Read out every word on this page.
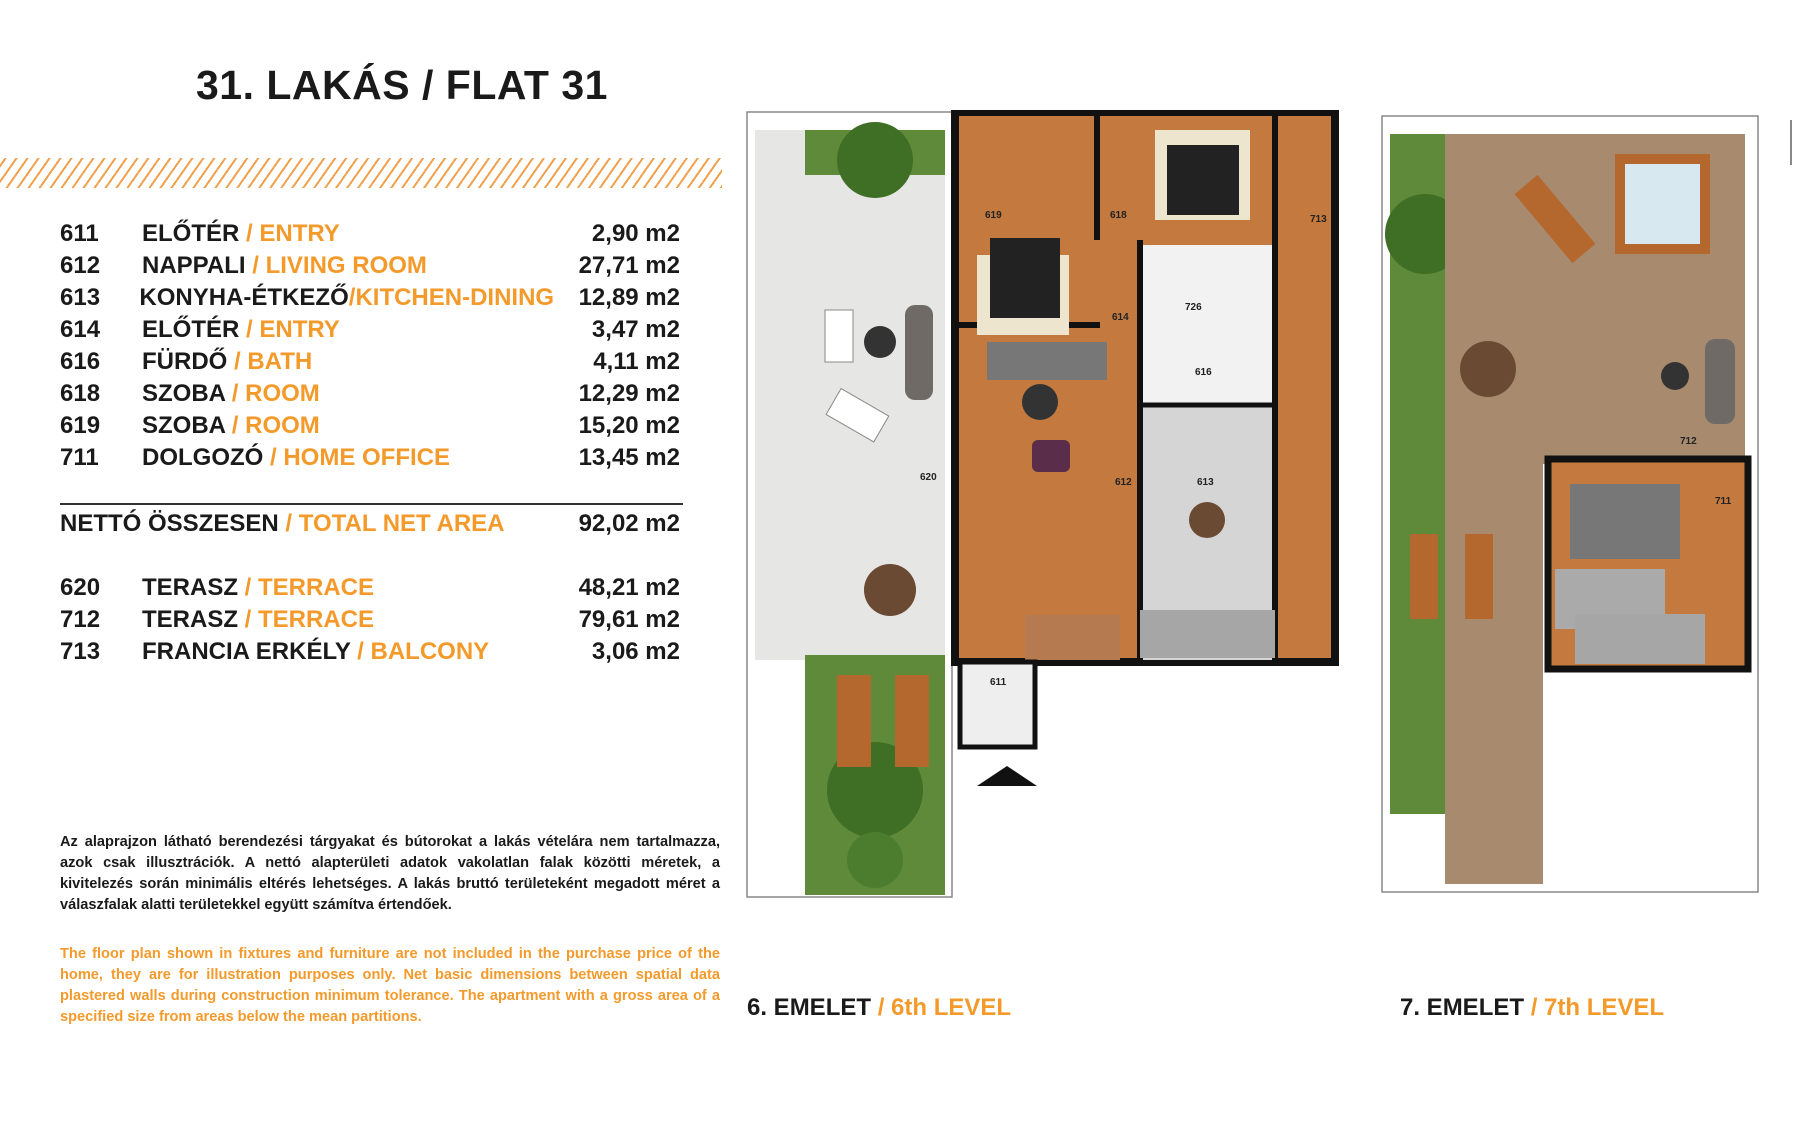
31. LAKÁS / FLAT 31
611	ELŐTÉR / ENTRY	2,90 m2
612	NAPPALI / LIVING ROOM	27,71 m2
613	KONYHA-ÉTKEZŐ/KITCHEN-DINING	12,89 m2
614	ELŐTÉR / ENTRY	3,47 m2
616	FÜRDŐ / BATH	4,11 m2
618	SZOBA / ROOM	12,29 m2
619	SZOBA / ROOM	15,20 m2
711	DOLGOZÓ / HOME OFFICE	13,45 m2
NETTÓ ÖSSZESEN / TOTAL NET AREA	92,02 m2
620	TERASZ / TERRACE	48,21 m2
712	TERASZ / TERRACE	79,61 m2
713	FRANCIA ERKÉLY / BALCONY	3,06 m2
Az alaprajzon látható berendezési tárgyakat és bútorokat a lakás vételára nem tartalmazza, azok csak illusztrációk. A nettó alapterületi adatok vakolatlan falak közötti méretek, a kivitelezés során minimális eltérés lehetséges. A lakás bruttó területeként megadott méret a válaszfalak alatti területekkel együtt számítva értendőek.
The floor plan shown in fixtures and furniture are not included in the purchase price of the home, they are for illustration purposes only. Net basic dimensions between spatial data plastered walls during construction minimum tolerance. The apartment with a gross area of a specified size from areas below the mean partitions.
619	618	713
614
726
616
612	613
620
611
711
712
6. EMELET / 6th LEVEL	7. EMELET / 7th LEVEL
